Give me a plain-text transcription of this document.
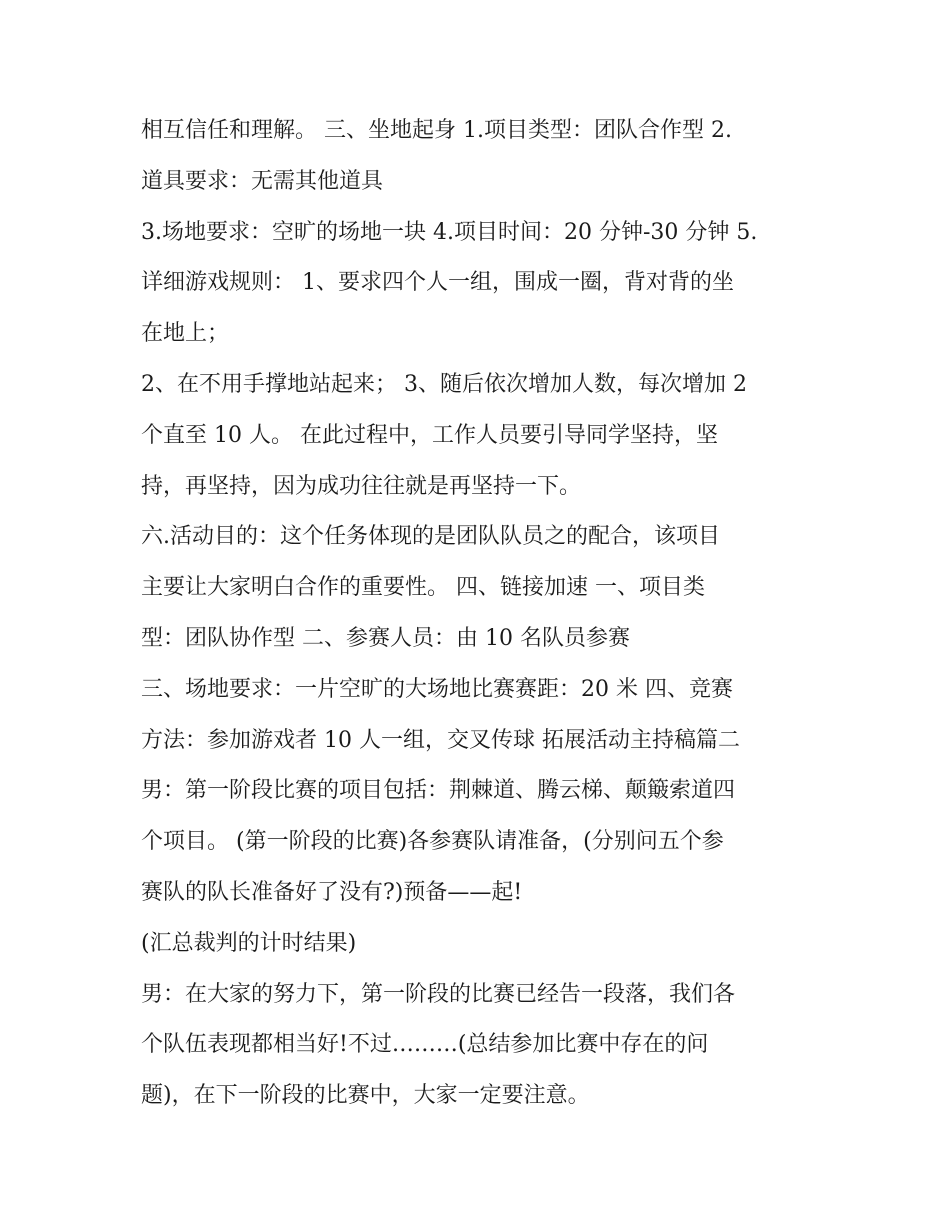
相互信任和理解。 三、坐地起身 1.项目类型：团队合作型 2.
道具要求：无需其他道具
3.场地要求：空旷的场地一块 4.项目时间：20 分钟-30 分钟 5.
详细游戏规则： 1、要求四个人一组，围成一圈，背对背的坐
在地上；
2、在不用手撑地站起来； 3、随后依次增加人数，每次增加 2
个直至 10 人。 在此过程中，工作人员要引导同学坚持，坚
持，再坚持，因为成功往往就是再坚持一下。
六.活动目的：这个任务体现的是团队队员之的配合，该项目
主要让大家明白合作的重要性。 四、链接加速 一、项目类
型：团队协作型 二、参赛人员：由 10 名队员参赛
三、场地要求：一片空旷的大场地比赛赛距：20 米 四、竞赛
方法：参加游戏者 10 人一组，交叉传球 拓展活动主持稿篇二
男：第一阶段比赛的项目包括：荆棘道、腾云梯、颠簸索道四
个项目。 (第一阶段的比赛)各参赛队请准备，(分别问五个参
赛队的队长准备好了没有?)预备——起!
(汇总裁判的计时结果)
男：在大家的努力下，第一阶段的比赛已经告一段落，我们各
个队伍表现都相当好!不过………(总结参加比赛中存在的问
题)，在下一阶段的比赛中，大家一定要注意。
